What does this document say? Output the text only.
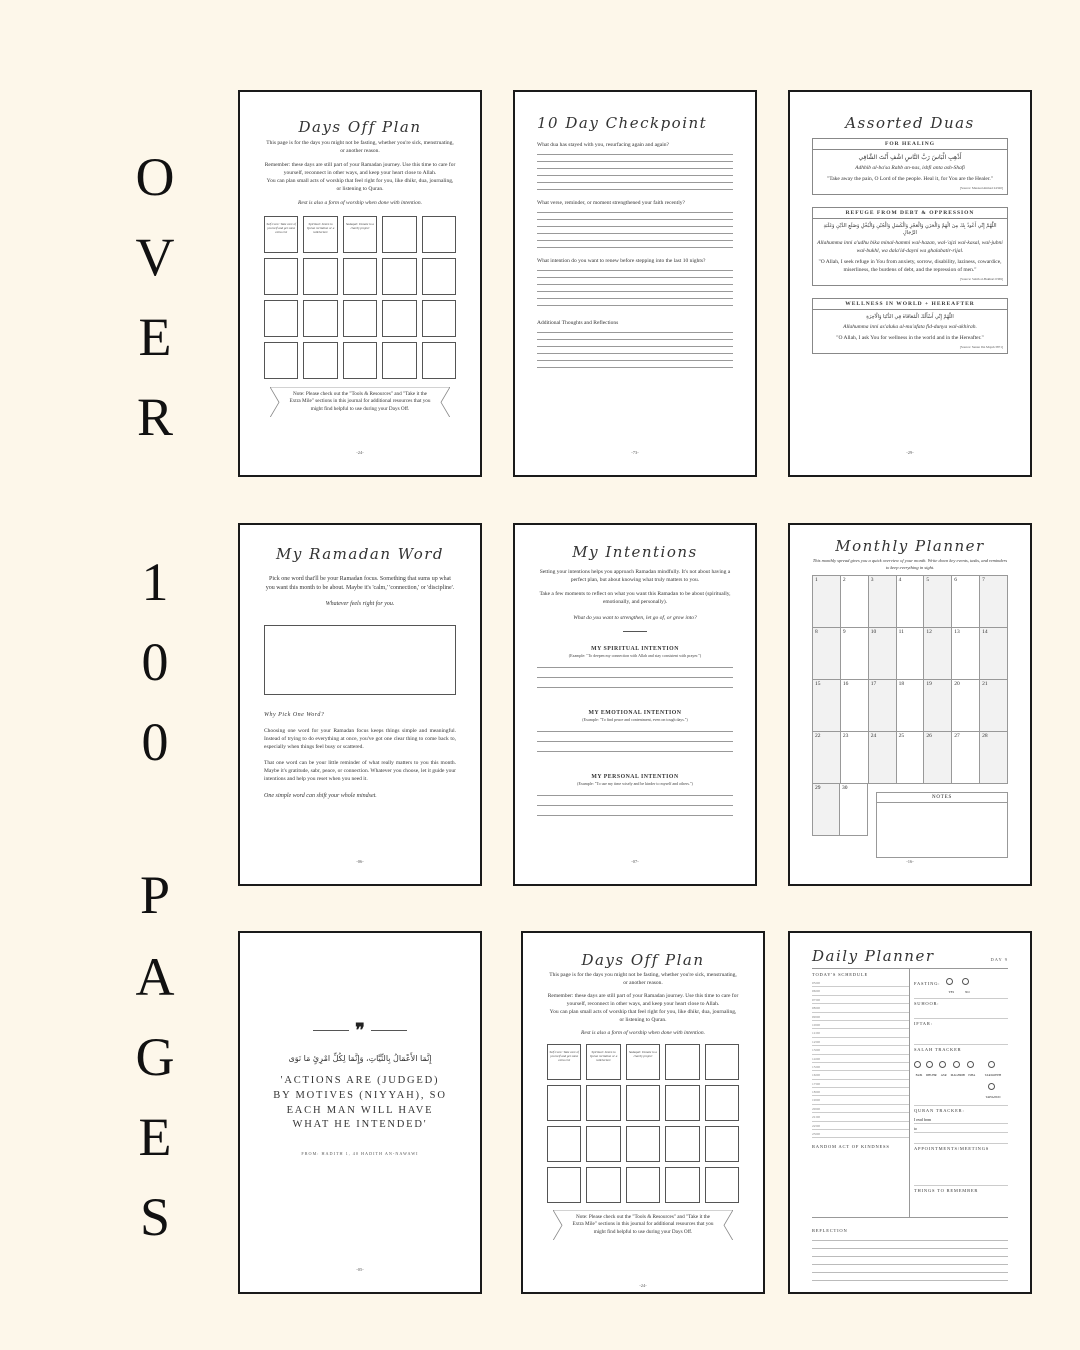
O
V
E
R
1
0
0
P
A
G
E
S
Days Off Plan
This page is for the days you might not be fasting, whether you're sick, menstruating, or another reason.
Remember: these days are still part of your Ramadan journey. Use this time to care for yourself, reconnect in other ways, and keep your heart close to Allah.
You can plan small acts of worship that feel right for you, like dhikr, dua, journaling, or listening to Quran.
Rest is also a form of worship when done with intention.
Self-Care: Take care of yourself and get some extra rest
Spiritual: Listen to Quran recitation or a talk/lecture
Sadaqah: Donate to a charity project
Note: Please check out the "Tools & Resources" and "Take it the Extra Mile" sections in this journal for additional resources that you might find helpful to use during your Days Off.
-24-
10 Day Checkpoint
What dua has stayed with you, resurfacing again and again?
What verse, reminder, or moment strengthened your faith recently?
What intention do you want to renew before stepping into the last 10 nights?
Additional Thoughts and Reflections
-73-
Assorted Duas
FOR HEALING
أَذْهِبِ الْبَاسَ رَبَّ النَّاسِ اشْفِ أَنْتَ الشَّافِي
Adhhib al-ba'sa Rabb an-nas, ishfi anta ash-Shafi
"Take away the pain, O Lord of the people. Heal it, for You are the Healer."
[Source: Musnad Ahmad 24320]
REFUGE FROM DEBT & OPPRESSION
اللَّهُمَّ إِنِّي أَعُوذُ بِكَ مِنَ الْهَمِّ وَالْحَزَنِ وَالْعَجْزِ وَالْكَسَلِ وَالْجُبْنِ وَالْبُخْلِ وَضَلَعِ الدَّيْنِ وَغَلَبَةِ الرِّجَالِ
Allahumma inni a'udhu bika minal-hammi wal-hazan, wal-'ajzi wal-kasal, wal-jubni wal-bukhl, wa dala'id-dayni wa ghalabatir-rijal.
"O Allah, I seek refuge in You from anxiety, sorrow, disability, laziness, cowardice, miserliness, the burdens of debt, and the repression of men."
[Source: Sahih al-Bukhari 6369]
WELLNESS IN WORLD + HEREAFTER
اللَّهُمَّ إِنِّي أَسْأَلُكَ الْمُعَافَاةَ فِي الدُّنْيَا وَالْآخِرَةِ
Allahumma inni as'aluka al-mu'afata fid-dunya wal-akhirah.
"O Allah, I ask You for wellness in the world and in the Hereafter."
[Source: Sunan Ibn Majah 3871]
-29-
My Ramadan Word
Pick one word that'll be your Ramadan focus. Something that sums up what you want this month to be about. Maybe it's 'calm,' 'connection,' or 'discipline'.
Whatever feels right for you.
Why Pick One Word?
Choosing one word for your Ramadan focus keeps things simple and meaningful. Instead of trying to do everything at once, you've got one clear thing to come back to, especially when things feel busy or scattered.
That one word can be your little reminder of what really matters to you this month. Maybe it's gratitude, sabr, peace, or connection. Whatever you choose, let it guide your intentions and help you reset when you need it.
One simple word can shift your whole mindset.
-06-
My Intentions
Setting your intentions helps you approach Ramadan mindfully. It's not about having a perfect plan, but about knowing what truly matters to you.
Take a few moments to reflect on what you want this Ramadan to be about (spiritually, emotionally, and personally).
What do you want to strengthen, let go of, or grow into?
MY SPIRITUAL INTENTION
(Example: "To deepen my connection with Allah and stay consistent with prayer.")
MY EMOTIONAL INTENTION
(Example: "To find peace and contentment, even on tough days.")
MY PERSONAL INTENTION
(Example: "To use my time wisely and be kinder to myself and others.")
-07-
Monthly Planner
This monthly spread gives you a quick overview of your month. Write down key events, tasks, and reminders to keep everything in sight.
1	2	3	4	5	6	7
8	9	10	11	12	13	14
15	16	17	18	19	20	21
22	23	24	25	26	27	28
29	30
NOTES
-16-
❞
إِنَّمَا الأَعْمَالُ بِالنِّيَّاتِ، وَإِنَّمَا لِكُلِّ امْرِئٍ مَا نَوَى
'ACTIONS ARE (JUDGED) BY MOTIVES (NIYYAH), SO EACH MAN WILL HAVE WHAT HE INTENDED'
FROM: HADITH 1, 40 HADITH AN-NAWAWI
-05-
Days Off Plan
This page is for the days you might not be fasting, whether you're sick, menstruating, or another reason.
Remember: these days are still part of your Ramadan journey. Use this time to care for yourself, reconnect in other ways, and keep your heart close to Allah.
You can plan small acts of worship that feel right for you, like dhikr, dua, journaling, or listening to Quran.
Rest is also a form of worship when done with intention.
Self-Care: Take care of yourself and get some extra rest
Spiritual: Listen to Quran recitation or a talk/lecture
Sadaqah: Donate to a charity project
Note: Please check out the "Tools & Resources" and "Take it the Extra Mile" sections in this journal for additional resources that you might find helpful to use during your Days Off.
-24-
Daily Planner	DAY 9
TODAY'S SCHEDULE
05:00
06:00
07:00
08:00
09:00
10:00
11:00
12:00
13:00
14:00
15:00
16:00
17:00
18:00
19:00
20:00
21:00
22:00
23:00
RANDOM ACT OF KINDNESS
FASTING:
YES	NO
SUHOOR:
IFTAR:
SALAH TRACKER
FAJR	DHUHR	ASR	MAGHRIB	ISHA	TARAWEEH
TAHAJJUD
QURAN TRACKER:
I read from
to
APPOINTMENTS/MEETINGS
THINGS TO REMEMBER
REFLECTION
